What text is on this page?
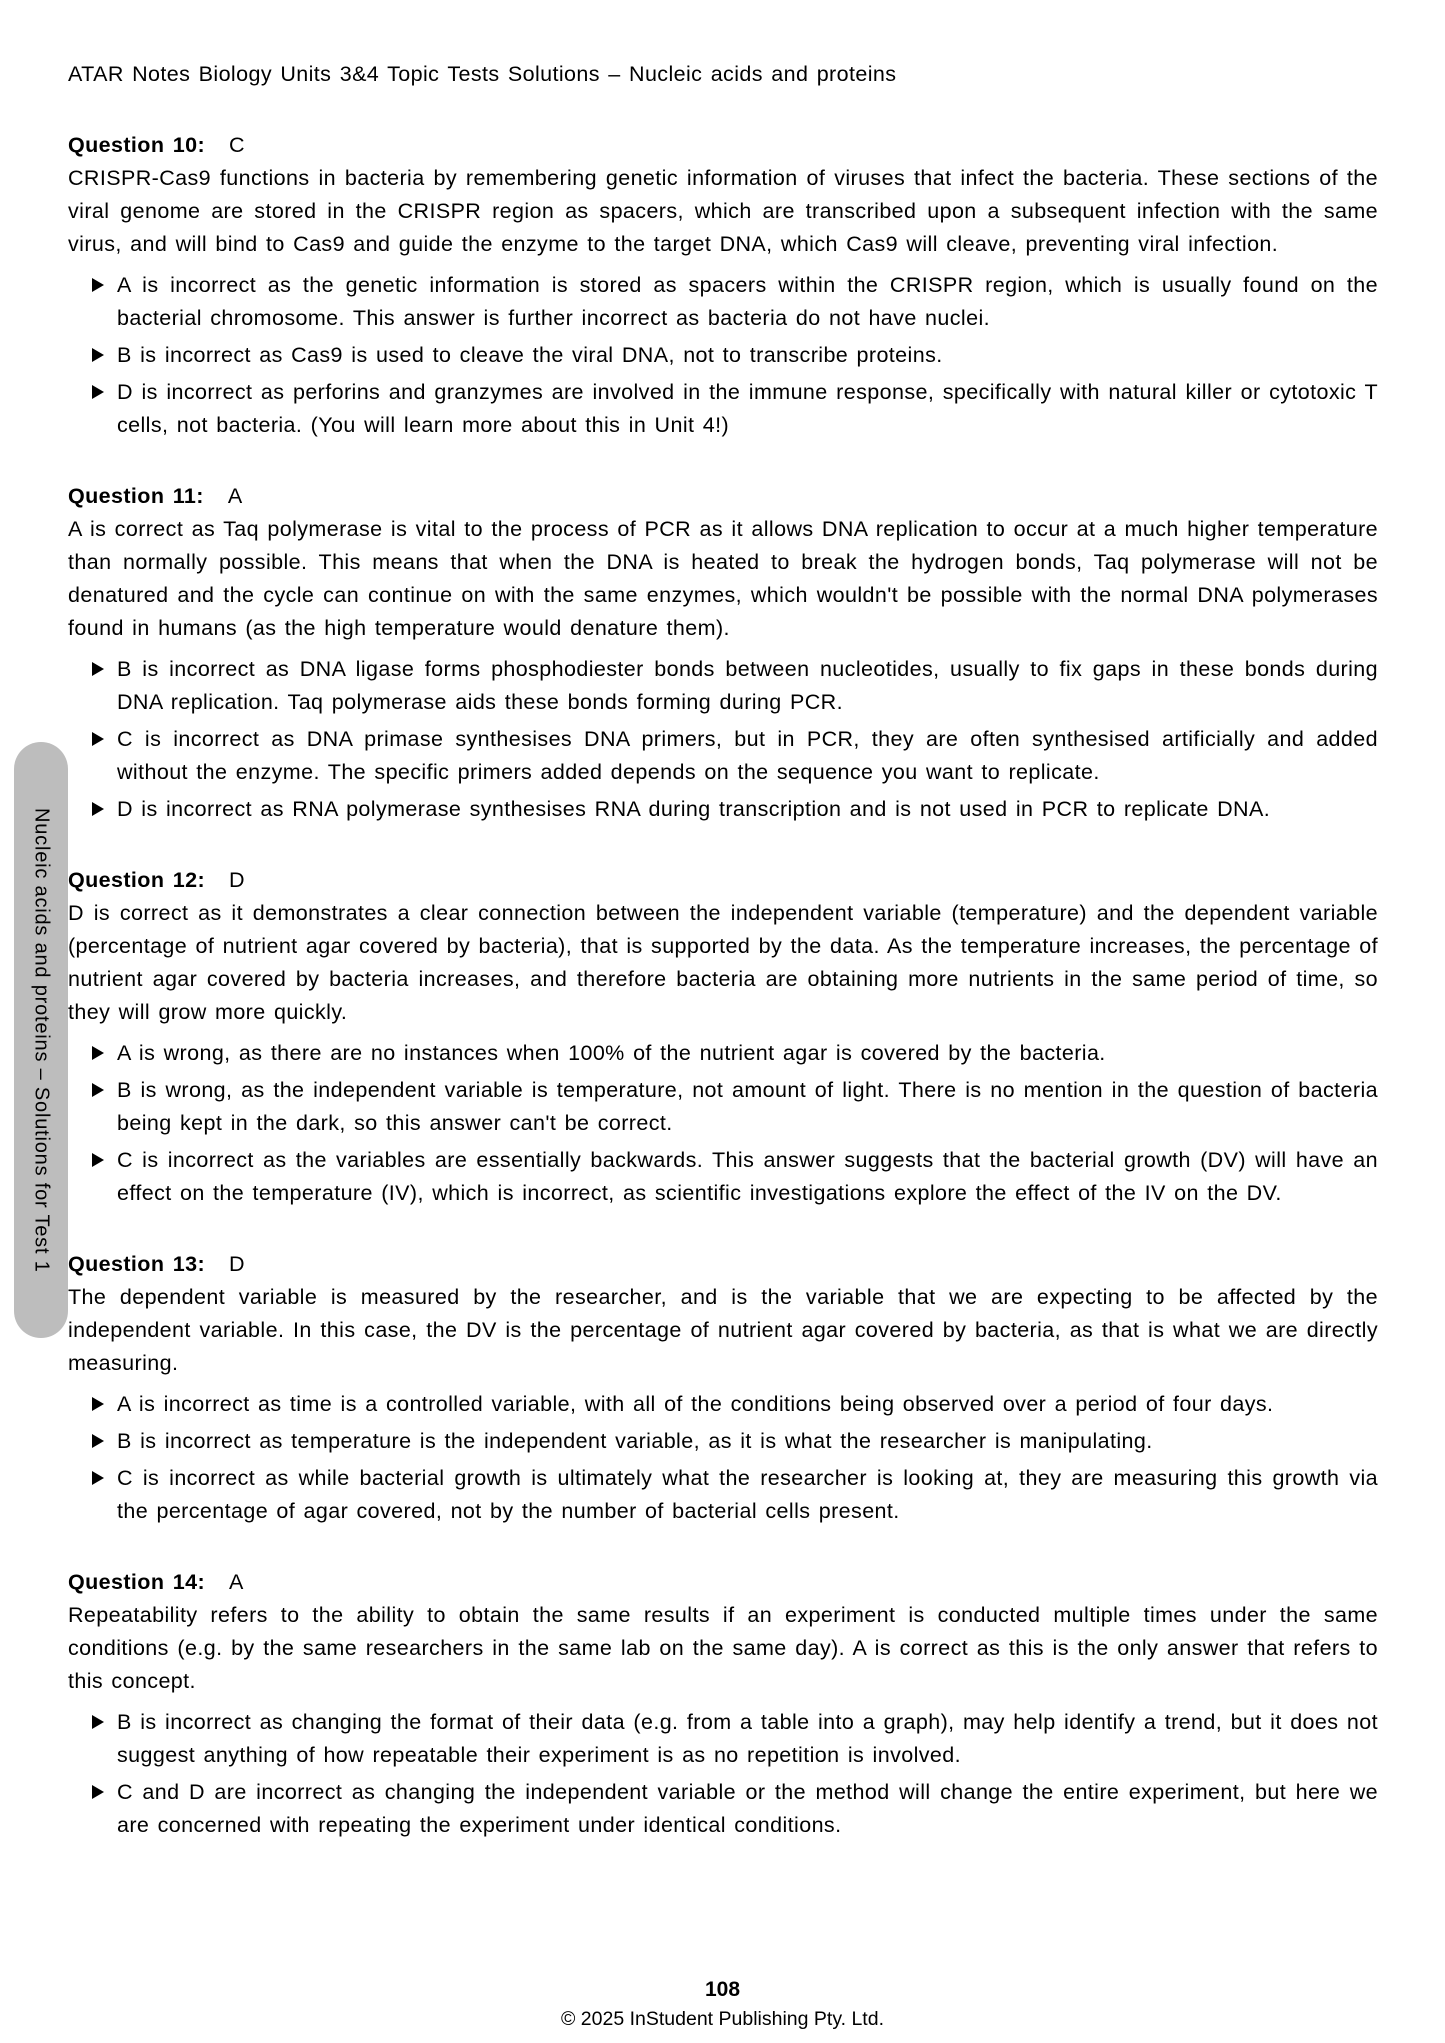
Nucleic acids and proteins – Solutions for Test 1
ATAR Notes Biology Units 3&4 Topic Tests Solutions – Nucleic acids and proteins
Question 10: C

CRISPR-Cas9 functions in bacteria by remembering genetic information of viruses that infect the bacteria. These sections of the viral genome are stored in the CRISPR region as spacers, which are transcribed upon a subsequent infection with the same virus, and will bind to Cas9 and guide the enzyme to the target DNA, which Cas9 will cleave, preventing viral infection.

A is incorrect as the genetic information is stored as spacers within the CRISPR region, which is usually found on the bacterial chromosome. This answer is further incorrect as bacteria do not have nuclei.
B is incorrect as Cas9 is used to cleave the viral DNA, not to transcribe proteins.
D is incorrect as perforins and granzymes are involved in the immune response, specifically with natural killer or cytotoxic T cells, not bacteria. (You will learn more about this in Unit 4!)
Question 11: A

A is correct as Taq polymerase is vital to the process of PCR as it allows DNA replication to occur at a much higher temperature than normally possible. This means that when the DNA is heated to break the hydrogen bonds, Taq polymerase will not be denatured and the cycle can continue on with the same enzymes, which wouldn't be possible with the normal DNA polymerases found in humans (as the high temperature would denature them).

B is incorrect as DNA ligase forms phosphodiester bonds between nucleotides, usually to fix gaps in these bonds during DNA replication. Taq polymerase aids these bonds forming during PCR.
C is incorrect as DNA primase synthesises DNA primers, but in PCR, they are often synthesised artificially and added without the enzyme. The specific primers added depends on the sequence you want to replicate.
D is incorrect as RNA polymerase synthesises RNA during transcription and is not used in PCR to replicate DNA.
Question 12: D

D is correct as it demonstrates a clear connection between the independent variable (temperature) and the dependent variable (percentage of nutrient agar covered by bacteria), that is supported by the data. As the temperature increases, the percentage of nutrient agar covered by bacteria increases, and therefore bacteria are obtaining more nutrients in the same period of time, so they will grow more quickly.

A is wrong, as there are no instances when 100% of the nutrient agar is covered by the bacteria.
B is wrong, as the independent variable is temperature, not amount of light. There is no mention in the question of bacteria being kept in the dark, so this answer can't be correct.
C is incorrect as the variables are essentially backwards. This answer suggests that the bacterial growth (DV) will have an effect on the temperature (IV), which is incorrect, as scientific investigations explore the effect of the IV on the DV.
Question 13: D

The dependent variable is measured by the researcher, and is the variable that we are expecting to be affected by the independent variable. In this case, the DV is the percentage of nutrient agar covered by bacteria, as that is what we are directly measuring.

A is incorrect as time is a controlled variable, with all of the conditions being observed over a period of four days.
B is incorrect as temperature is the independent variable, as it is what the researcher is manipulating.
C is incorrect as while bacterial growth is ultimately what the researcher is looking at, they are measuring this growth via the percentage of agar covered, not by the number of bacterial cells present.
Question 14: A

Repeatability refers to the ability to obtain the same results if an experiment is conducted multiple times under the same conditions (e.g. by the same researchers in the same lab on the same day). A is correct as this is the only answer that refers to this concept.

B is incorrect as changing the format of their data (e.g. from a table into a graph), may help identify a trend, but it does not suggest anything of how repeatable their experiment is as no repetition is involved.
C and D are incorrect as changing the independent variable or the method will change the entire experiment, but here we are concerned with repeating the experiment under identical conditions.
108
© 2025 InStudent Publishing Pty. Ltd.
